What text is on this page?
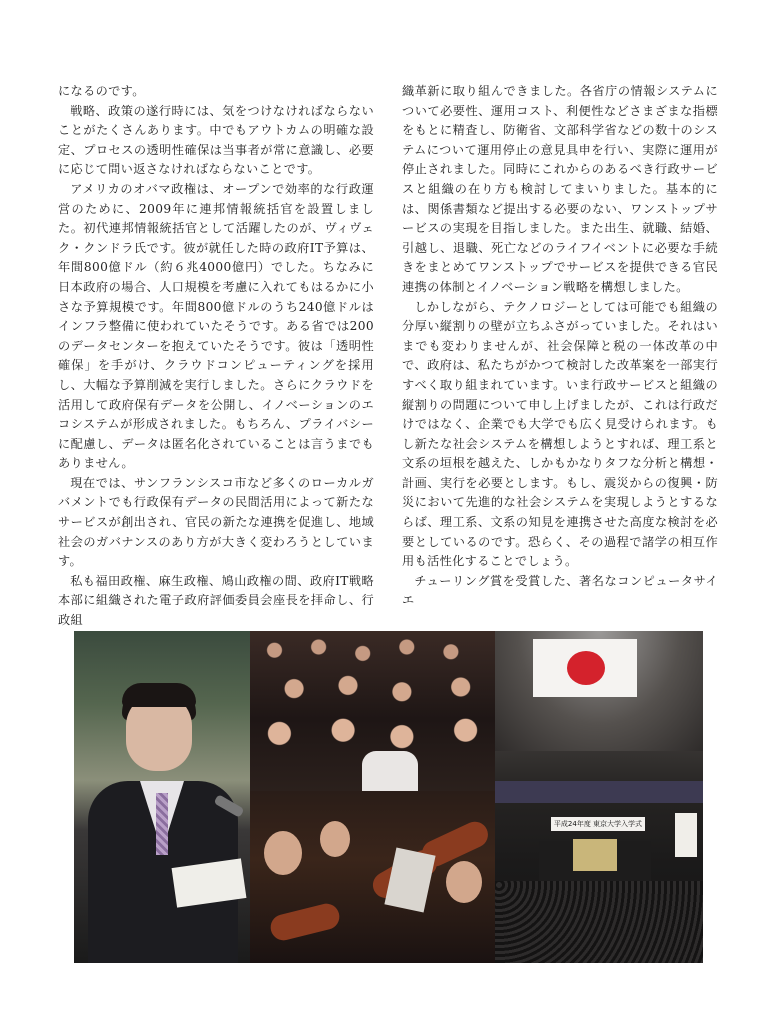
になるのです。

戦略、政策の遂行時には、気をつけなければならないことがたくさんあります。中でもアウトカムの明確な設定、プロセスの透明性確保は当事者が常に意識し、必要に応じて問い返さなければならないことです。

アメリカのオバマ政権は、オープンで効率的な行政運営のために、2009年に連邦情報統括官を設置しました。初代連邦情報統括官として活躍したのが、ヴィヴェク・クンドラ氏です。彼が就任した時の政府IT予算は、年間800億ドル（約６兆4000億円）でした。ちなみに日本政府の場合、人口規模を考慮に入れてもはるかに小さな予算規模です。年間800億ドルのうち240億ドルはインフラ整備に使われていたそうです。ある省では200のデータセンターを抱えていたそうです。彼は「透明性確保」を手がけ、クラウドコンピューティングを採用し、大幅な予算削減を実行しました。さらにクラウドを活用して政府保有データを公開し、イノベーションのエコシステムが形成されました。もちろん、プライバシーに配慮し、データは匿名化されていることは言うまでもありません。

現在では、サンフランシスコ市など多くのローカルガバメントでも行政保有データの民間活用によって新たなサービスが創出され、官民の新たな連携を促進し、地域社会のガバナンスのあり方が大きく変わろうとしています。

私も福田政権、麻生政権、鳩山政権の間、政府IT戦略本部に組織された電子政府評価委員会座長を拝命し、行政組

織革新に取り組んできました。各省庁の情報システムについて必要性、運用コスト、利便性などさまざまな指標をもとに精査し、防衛省、文部科学省などの数十のシステムについて運用停止の意見具申を行い、実際に運用が停止されました。同時にこれからのあるべき行政サービスと組織の在り方も検討してまいりました。基本的には、関係書類など提出する必要のない、ワンストップサービスの実現を目指しました。また出生、就職、結婚、引越し、退職、死亡などのライフイベントに必要な手続きをまとめてワンストップでサービスを提供できる官民連携の体制とイノベーション戦略を構想しました。

しかしながら、テクノロジーとしては可能でも組織の分厚い縦割りの壁が立ちふさがっていました。それはいまでも変わりませんが、社会保障と税の一体改革の中で、政府は、私たちがかつて検討した改革案を一部実行すべく取り組まれています。いま行政サービスと組織の縦割りの問題について申し上げましたが、これは行政だけではなく、企業でも大学でも広く見受けられます。もし新たな社会システムを構想しようとすれば、理工系と文系の垣根を越えた、しかもかなりタフな分析と構想・計画、実行を必要とします。もし、震災からの復興・防災において先進的な社会システムを実現しようとするならば、理工系、文系の知見を連携させた高度な検討を必要としているのです。恐らく、その過程で諸学の相互作用も活性化することでしょう。

チューリング賞を受賞した、著名なコンピュータサイエ

平成24年度 東京大学入学式
